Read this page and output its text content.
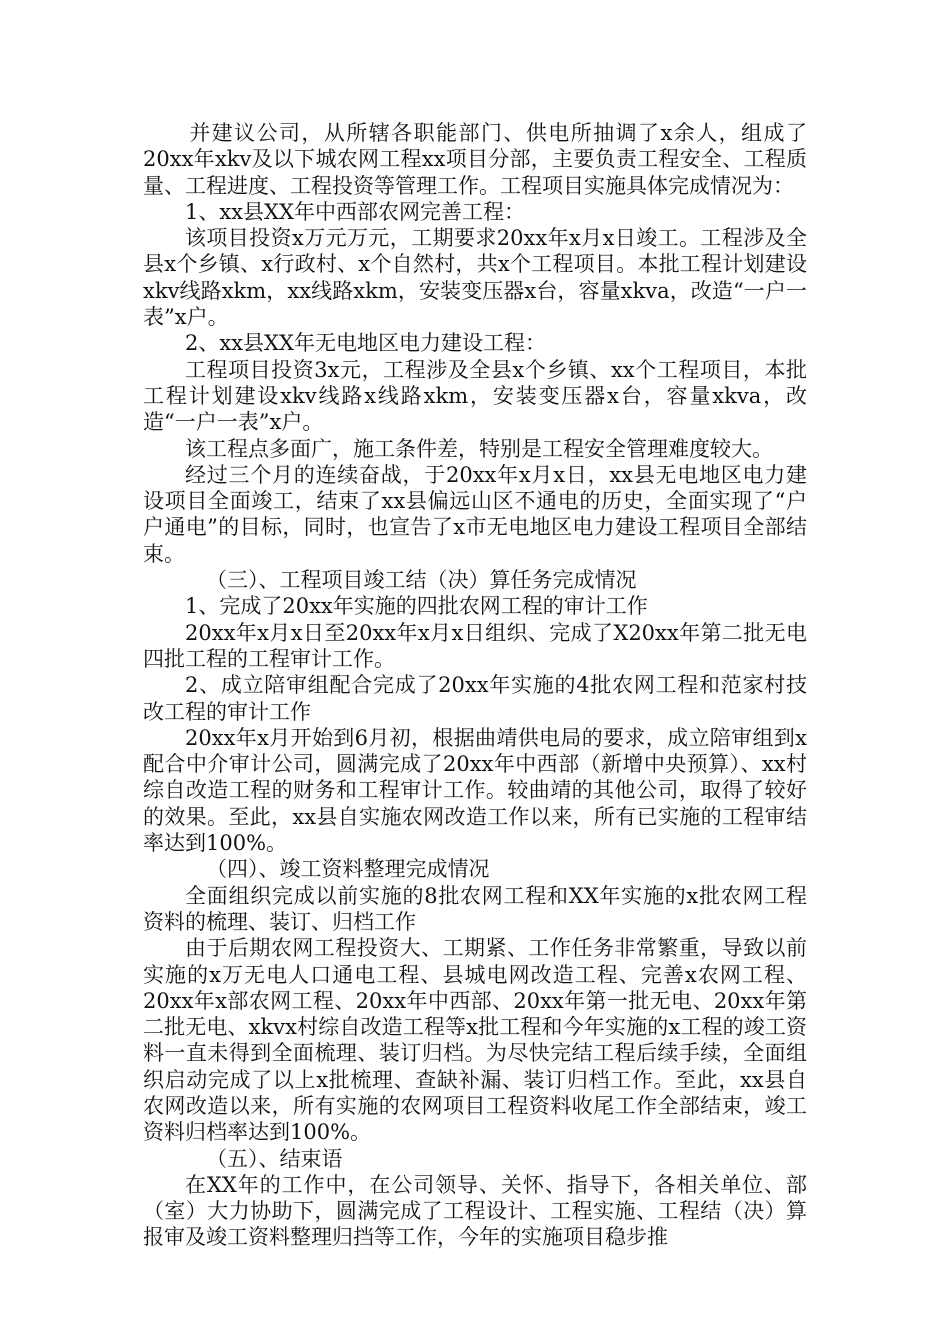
并建议公司，从所辖各职能部门、供电所抽调了x余人，组成了20xx年xkv及以下城农网工程xx项目分部，主要负责工程安全、工程质量、工程进度、工程投资等管理工作。工程项目实施具体完成情况为：

1、xx县XX年中西部农网完善工程：

该项目投资x万元万元，工期要求20xx年x月x日竣工。工程涉及全县x个乡镇、x行政村、x个自然村，共x个工程项目。本批工程计划建设xkv线路xkm，xx线路xkm，安装变压器x台，容量xkva，改造“一户一表”x户。

2、xx县XX年无电地区电力建设工程：

工程项目投资3x元，工程涉及全县x个乡镇、xx个工程项目，本批工程计划建设xkv线路x线路xkm，安装变压器x台，容量xkva，改造“一户一表”x户。

该工程点多面广，施工条件差，特别是工程安全管理难度较大。

经过三个月的连续奋战，于20xx年x月x日，xx县无电地区电力建设项目全面竣工，结束了xx县偏远山区不通电的历史，全面实现了“户户通电”的目标，同时，也宣告了x市无电地区电力建设工程项目全部结束。

（三）、工程项目竣工结（决）算任务完成情况

1、完成了20xx年实施的四批农网工程的审计工作

20xx年x月x日至20xx年x月x日组织、完成了X20xx年第二批无电四批工程的工程审计工作。

2、成立陪审组配合完成了20xx年实施的4批农网工程和范家村技改工程的审计工作

20xx年x月开始到6月初，根据曲靖供电局的要求，成立陪审组到x配合中介审计公司，圆满完成了20xx年中西部（新增中央预算）、xx村综自改造工程的财务和工程审计工作。较曲靖的其他公司，取得了较好的效果。至此，xx县自实施农网改造工作以来，所有已实施的工程审结率达到100%。

（四）、竣工资料整理完成情况

全面组织完成以前实施的8批农网工程和XX年实施的x批农网工程资料的梳理、装订、归档工作

由于后期农网工程投资大、工期紧、工作任务非常繁重，导致以前实施的x万无电人口通电工程、县城电网改造工程、完善x农网工程、20xx年x部农网工程、20xx年中西部、20xx年第一批无电、20xx年第二批无电、xkvx村综自改造工程等x批工程和今年实施的x工程的竣工资料一直未得到全面梳理、装订归档。为尽快完结工程后续手续，全面组织启动完成了以上x批梳理、查缺补漏、装订归档工作。至此，xx县自农网改造以来，所有实施的农网项目工程资料收尾工作全部结束，竣工资料归档率达到100%。

（五）、结束语

在XX年的工作中，在公司领导、关怀、指导下，各相关单位、部（室）大力协助下，圆满完成了工程设计、工程实施、工程结（决）算报审及竣工资料整理归挡等工作，今年的实施项目稳步推
